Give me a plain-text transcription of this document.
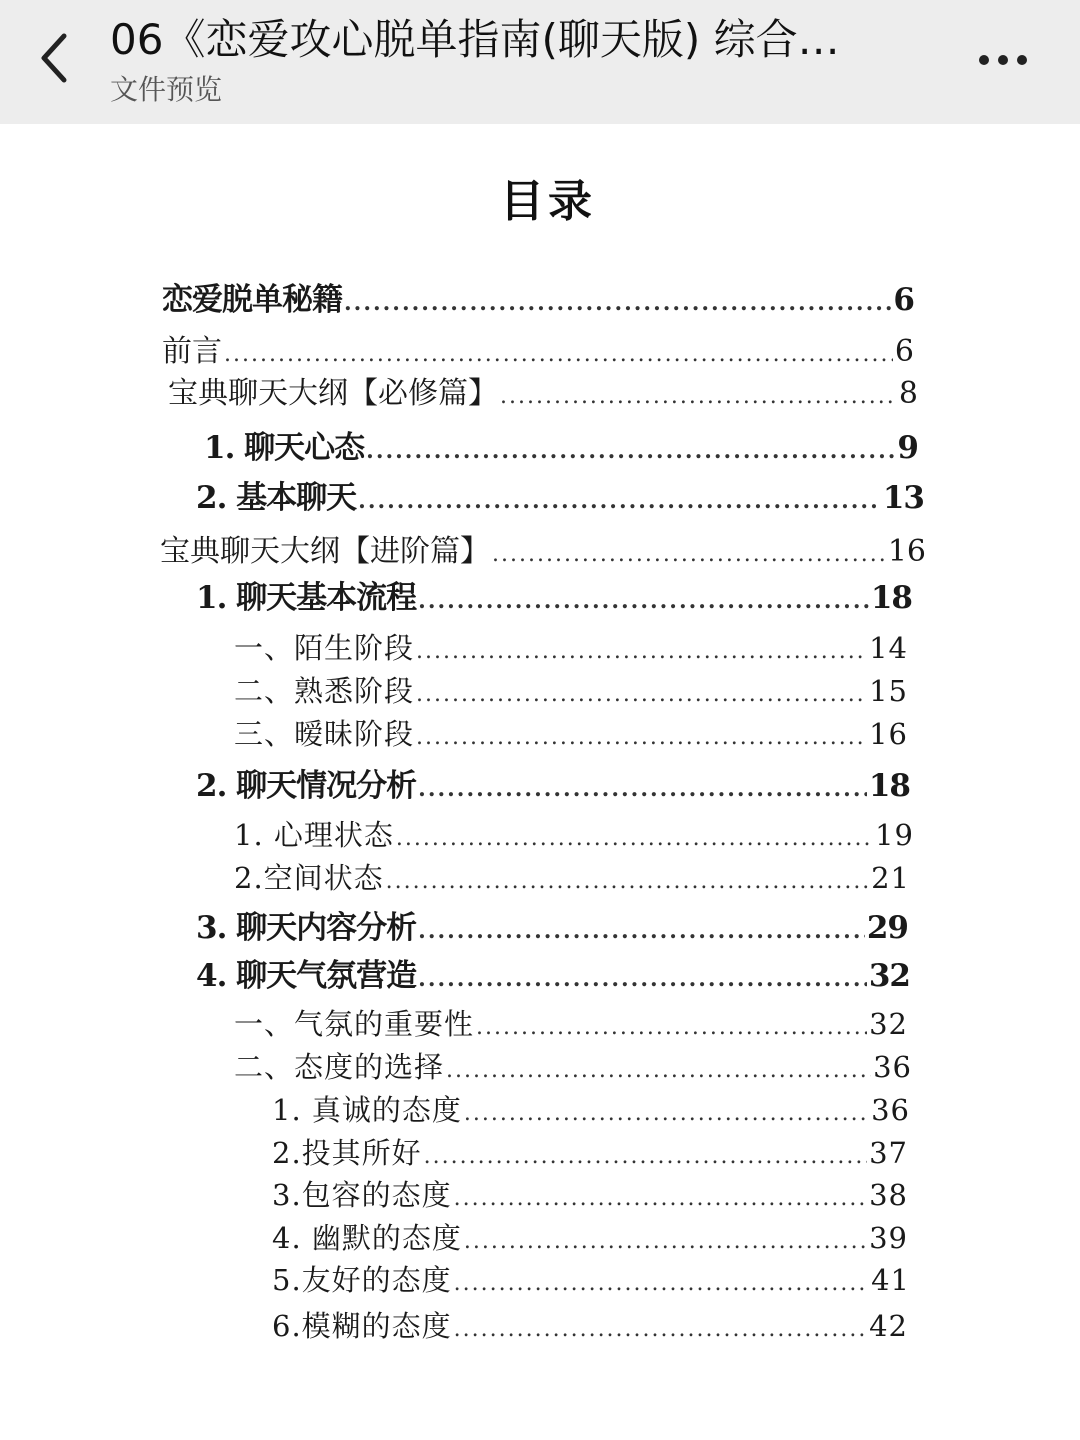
06《恋爱攻心脱单指南(聊天版) 综合…
文件预览
目录
恋爱脱单秘籍 .....	6
前言 .....	6
宝典聊天大纲【必修篇】 .....	8
1. 聊天心态 .....	9
2. 基本聊天 .....	13
宝典聊天大纲【进阶篇】 .....	16
1. 聊天基本流程 .....	18
一、陌生阶段 .....	14
二、熟悉阶段 .....	15
三、暧昧阶段 .....	16
2. 聊天情况分析 .....	18
1. 心理状态 .....	19
2.空间状态 .....	21
3. 聊天内容分析 .....	29
4. 聊天气氛营造 .....	32
一、气氛的重要性 .....	32
二、态度的选择 .....	36
1. 真诚的态度 .....	36
2.投其所好 .....	37
3.包容的态度 .....	38
4. 幽默的态度 .....	39
5.友好的态度 .....	41
6.模糊的态度 .....	42
